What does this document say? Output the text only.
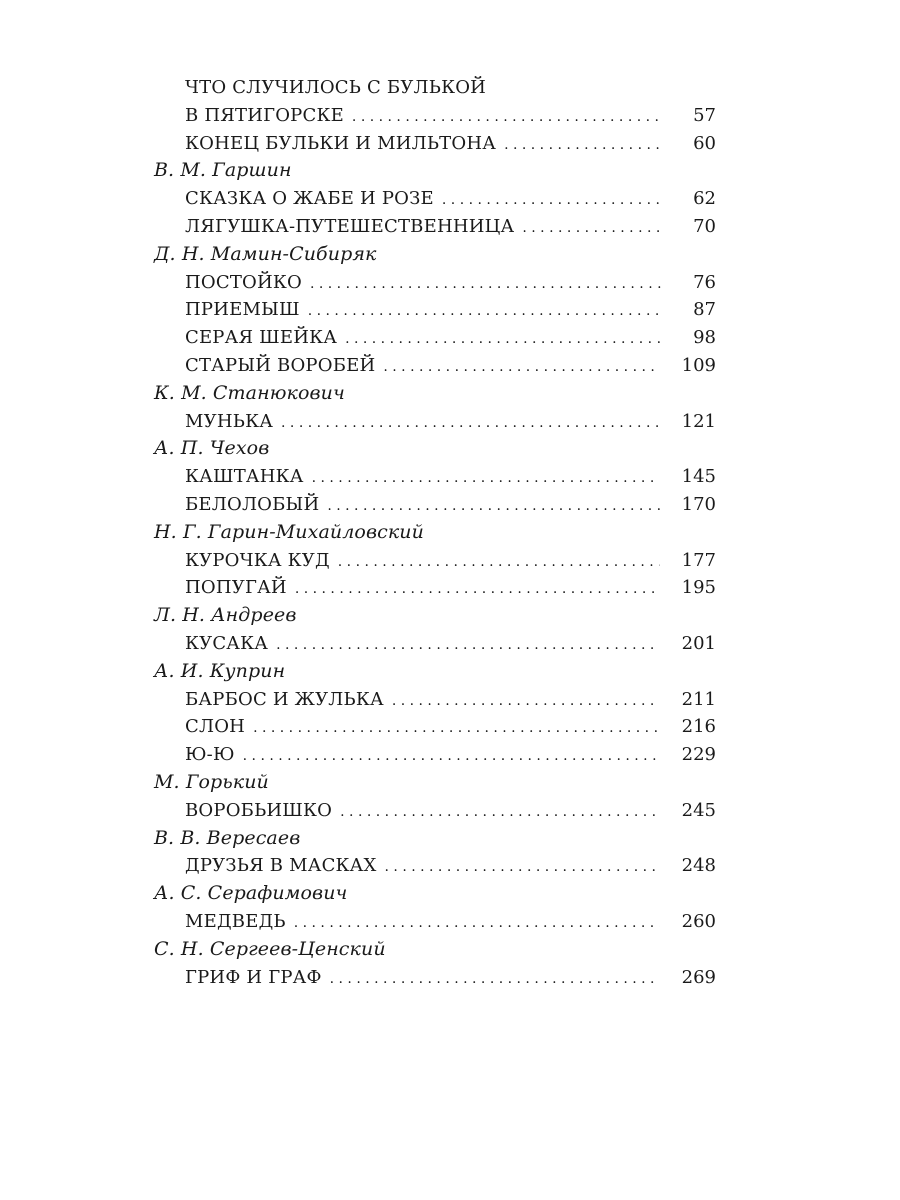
ЧТО СЛУЧИЛОСЬ С БУЛЬКОЙ
В ПЯТИГОРСКЕ . . .	57
КОНЕЦ БУЛЬКИ И МИЛЬТОНА . . .	60
В. М. Гаршин
СКАЗКА О ЖАБЕ И РОЗЕ . . .	62
ЛЯГУШКА-ПУТЕШЕСТВЕННИЦА . . .	70
Д. Н. Мамин-Сибиряк
ПОСТОЙКО . . .	76
ПРИЕМЫШ . . .	87
СЕРАЯ ШЕЙКА . . .	98
СТАРЫЙ ВОРОБЕЙ . . .	109
К. М. Станюкович
МУНЬКА . . .	121
А. П. Чехов
КАШТАНКА . . .	145
БЕЛОЛОБЫЙ . . .	170
Н. Г. Гарин-Михайловский
КУРОЧКА КУД . . .	177
ПОПУГАЙ . . .	195
Л. Н. Андреев
КУСАКА . . .	201
А. И. Куприн
БАРБОС И ЖУЛЬКА . . .	211
СЛОН . . .	216
Ю-Ю . . .	229
М. Горький
ВОРОБЬИШКО . . .	245
В. В. Вересаев
ДРУЗЬЯ В МАСКАХ . . .	248
А. С. Серафимович
МЕДВЕДЬ . . .	260
С. Н. Сергеев-Ценский
ГРИФ И ГРАФ . . .	269
